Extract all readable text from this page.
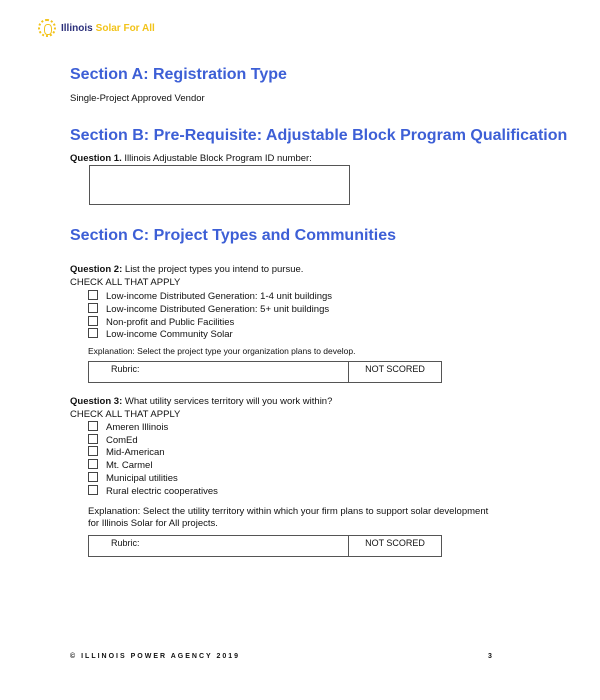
Illinois Solar For All
Section A: Registration Type
Single-Project Approved Vendor
Section B: Pre-Requisite: Adjustable Block Program Qualification
Question 1. Illinois Adjustable Block Program ID number:
Section C: Project Types and Communities
Question 2: List the project types you intend to pursue.
CHECK ALL THAT APPLY
Low-income Distributed Generation: 1-4 unit buildings
Low-income Distributed Generation: 5+ unit buildings
Non-profit and Public Facilities
Low-income Community Solar
Explanation: Select the project type your organization plans to develop.
Rubric:	NOT SCORED
Question 3: What utility services territory will you work within?
CHECK ALL THAT APPLY
Ameren Illinois
ComEd
Mid-American
Mt. Carmel
Municipal utilities
Rural electric cooperatives
Explanation: Select the utility territory within which your firm plans to support solar development
for Illinois Solar for All projects.
Rubric:	NOT SCORED
© ILLINOIS POWER AGENCY 2019	3
